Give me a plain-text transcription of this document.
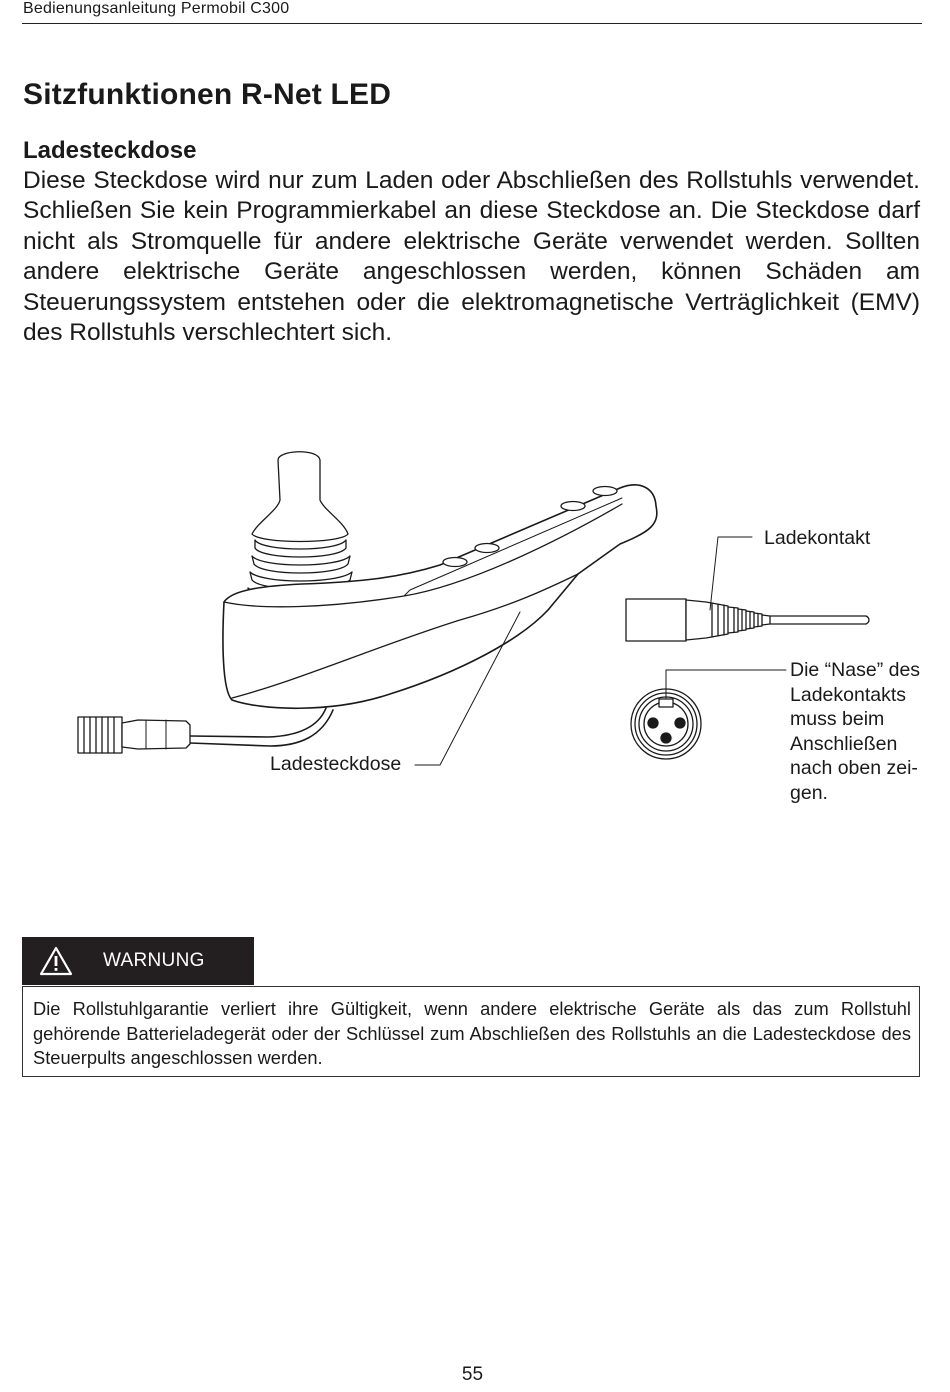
Bedienungsanleitung Permobil C300
Sitzfunktionen R-Net LED
Ladesteckdose

Diese Steckdose wird nur zum Laden oder Abschließen des Rollstuhls verwendet. Schließen Sie kein Programmierkabel an diese Steckdose an. Die Steckdose darf nicht als Stromquelle für andere elektrische Geräte verwendet werden. Sollten andere elektrische Geräte angeschlossen werden, können Schäden am Steuerungssystem entstehen oder die elektromagnetische Verträglichkeit (EMV) des Rollstuhls verschlechtert sich.

Ladekontakt
Ladesteckdose
Die “Nase” des
Ladekontakts
muss beim
Anschließen
nach oben zei-
gen.
WARNUNG

Die Rollstuhlgarantie verliert ihre Gültigkeit, wenn andere elektrische Geräte als das zum Rollstuhl gehörende Batterieladegerät oder der Schlüssel zum Abschließen des Rollstuhls an die Ladesteckdose des Steuerpults angeschlossen werden.

55
